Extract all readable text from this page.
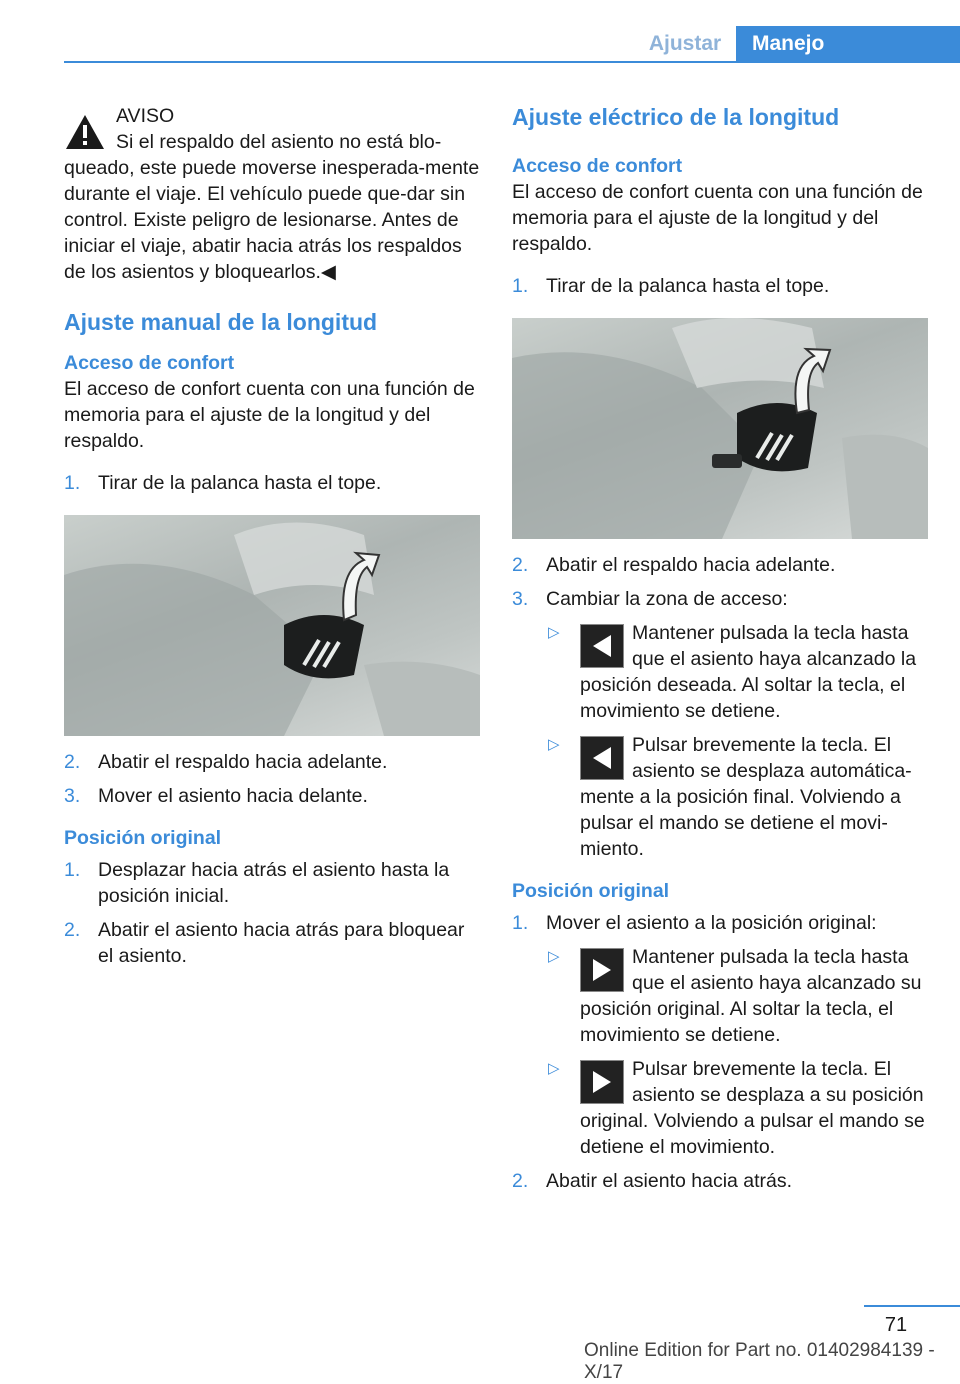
Ajustar	Manejo

AVISO

Si el respaldo del asiento no está blo-

queado, este puede moverse inesperada-mente durante el viaje. El vehículo puede que-dar sin control. Existe peligro de lesionarse. Antes de iniciar el viaje, abatir hacia atrás los respaldos de los asientos y bloquearlos.◀

Ajuste manual de la longitud
Acceso de confort

El acceso de confort cuenta con una función de memoria para el ajuste de la longitud y del respaldo.

1. Tirar de la palanca hasta el tope.
2. Abatir el respaldo hacia adelante.
3. Mover el asiento hacia delante.
Posición original
1. Desplazar hacia atrás el asiento hasta la posición inicial.
2. Abatir el asiento hacia atrás para bloquear el asiento.
Ajuste eléctrico de la longitud
Acceso de confort

El acceso de confort cuenta con una función de memoria para el ajuste de la longitud y del respaldo.

1. Tirar de la palanca hasta el tope.
2. Abatir el respaldo hacia adelante.
3. Cambiar la zona de acceso:
▷	Mantener pulsada la tecla hasta
que el asiento haya alcanzado la
posición deseada. Al soltar la tecla, el movimiento se detiene.
▷	Pulsar brevemente la tecla. El
asiento se desplaza automática-
mente a la posición final. Volviendo a pulsar el mando se detiene el movi-miento.
Posición original
1. Mover el asiento a la posición original:
▷	Mantener pulsada la tecla hasta
que el asiento haya alcanzado su
posición original. Al soltar la tecla, el movimiento se detiene.
▷	Pulsar brevemente la tecla. El
asiento se desplaza a su posición
original. Volviendo a pulsar el mando se detiene el movimiento.
2. Abatir el asiento hacia atrás.
71
Online Edition for Part no. 01402984139 - X/17
